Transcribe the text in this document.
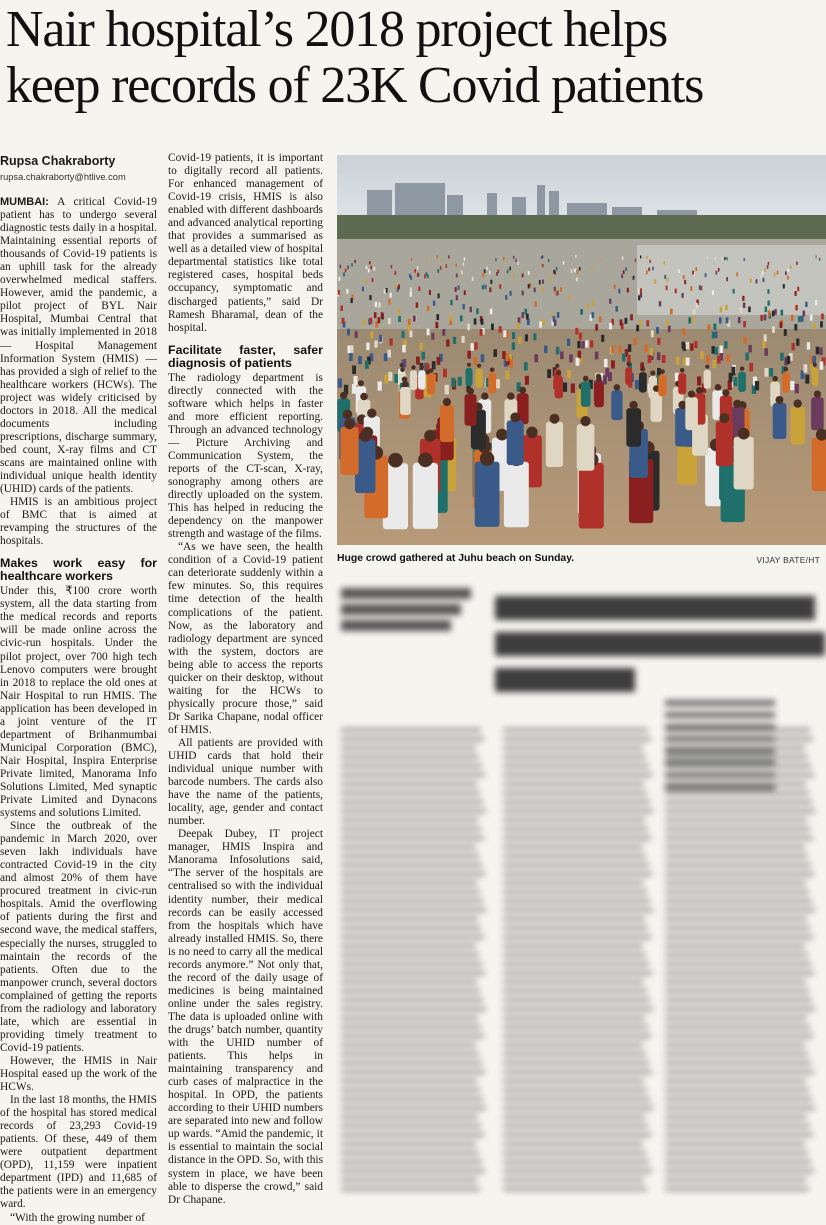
Nair hospital’s 2018 project helps
keep records of 23K Covid patients
Rupsa Chakraborty
rupsa.chakraborty@htlive.com

MUMBAI: A critical Covid-19 patient has to undergo several diagnostic tests daily in a hospital. Maintaining essential reports of thousands of Covid-19 patients is an uphill task for the already overwhelmed medical staffers. However, amid the pandemic, a pilot project of BYL Nair Hospital, Mumbai Central that was initially implemented in 2018 — Hospital Management Information System (HMIS) — has provided a sigh of relief to the healthcare workers (HCWs). The project was widely criticised by doctors in 2018. All the medical documents including prescriptions, discharge summary, bed count, X-ray films and CT scans are maintained online with individual unique health identity (UHID) cards of the patients.

HMIS is an ambitious project of BMC that is aimed at revamping the structures of the hospitals.

Makes work easy for healthcare workers

Under this, ₹100 crore worth system, all the data starting from the medical records and reports will be made online across the civic-run hospitals. Under the pilot project, over 700 high tech Lenovo computers were brought in 2018 to replace the old ones at Nair Hospital to run HMIS. The application has been developed in a joint venture of the IT department of Brihanmumbai Municipal Corporation (BMC), Nair Hospital, Inspira Enterprise Private limited, Manorama Info Solutions Limited, Med synaptic Private Limited and Dynacons systems and solutions Limited.

Since the outbreak of the pandemic in March 2020, over seven lakh individuals have contracted Covid-19 in the city and almost 20% of them have procured treatment in civic-run hospitals. Amid the overflowing of patients during the first and second wave, the medical staffers, especially the nurses, struggled to maintain the records of the patients. Often due to the manpower crunch, several doctors complained of getting the reports from the radiology and laboratory late, which are essential in providing timely treatment to Covid-19 patients.

However, the HMIS in Nair Hospital eased up the work of the HCWs.

In the last 18 months, the HMIS of the hospital has stored medical records of 23,293 Covid-19 patients. Of these, 449 of them were outpatient department (OPD), 11,159 were inpatient department (IPD) and 11,685 of the patients were in an emergency ward.

“With the growing number of

Covid-19 patients, it is important to digitally record all patients. For enhanced management of Covid-19 crisis, HMIS is also enabled with different dashboards and advanced analytical reporting that provides a summarised as well as a detailed view of hospital departmental statistics like total registered cases, hospital beds occupancy, symptomatic and discharged patients,” said Dr Ramesh Bharamal, dean of the hospital.

Facilitate faster, safer diagnosis of patients

The radiology department is directly connected with the software which helps in faster and more efficient reporting. Through an advanced technology— Picture Archiving and Communication System, the reports of the CT-scan, X-ray, sonography among others are directly uploaded on the system. This has helped in reducing the dependency on the manpower strength and wastage of the films.

“As we have seen, the health condition of a Covid-19 patient can deteriorate suddenly within a few minutes. So, this requires time detection of the health complications of the patient. Now, as the laboratory and radiology department are synced with the system, doctors are being able to access the reports quicker on their desktop, without waiting for the HCWs to physically procure those,” said Dr Sarika Chapane, nodal officer of HMIS.

All patients are provided with UHID cards that hold their individual unique number with barcode numbers. The cards also have the name of the patients, locality, age, gender and contact number.

Deepak Dubey, IT project manager, HMIS Inspira and Manorama Infosolutions said, “The server of the hospitals are centralised so with the individual identity number, their medical records can be easily accessed from the hospitals which have already installed HMIS. So, there is no need to carry all the medical records anymore.” Not only that, the record of the daily usage of medicines is being maintained online under the sales registry. The data is uploaded online with the drugs’ batch number, quantity with the UHID number of patients. This helps in maintaining transparency and curb cases of malpractice in the hospital. In OPD, the patients according to their UHID numbers are separated into new and follow up wards. “Amid the pandemic, it is essential to maintain the social distance in the OPD. So, with this system in place, we have been able to disperse the crowd,” said Dr Chapane.

Huge crowd gathered at Juhu beach on Sunday.	VIJAY BATE/HT
